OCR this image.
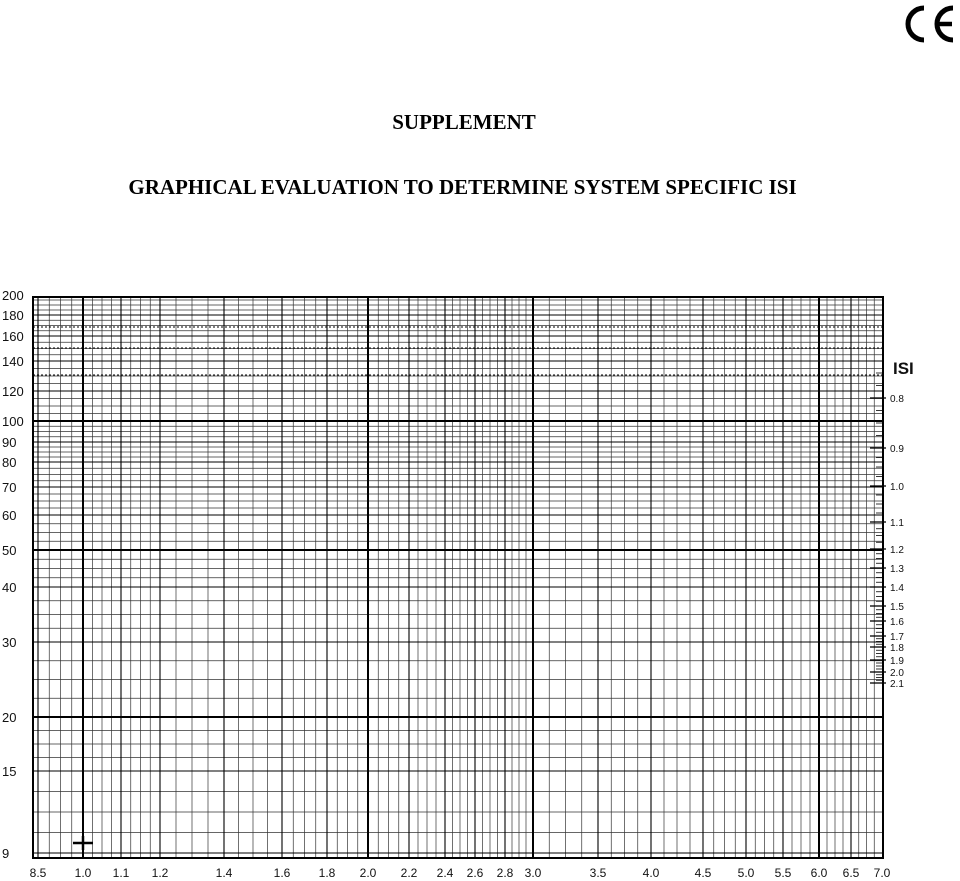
SUPPLEMENT
GRAPHICAL EVALUATION TO DETERMINE SYSTEM SPECIFIC ISI
200
180
160
140
120
100
90
80
70
60
50
40
30
20
15
9
8.5 1.0 1.1 1.2	1.4	1.6 1.8 2.0 2.2 2.4 2.6 2.8 3.0	3.5	4.0	4.5 5.0 5.5 6.0 6.5 7.0
ISI
0.8
0.9
1.0
1.1
1.2
1.3
1.4
1.5
1.6
1.7
1.8
1.9
2.0
2.1
